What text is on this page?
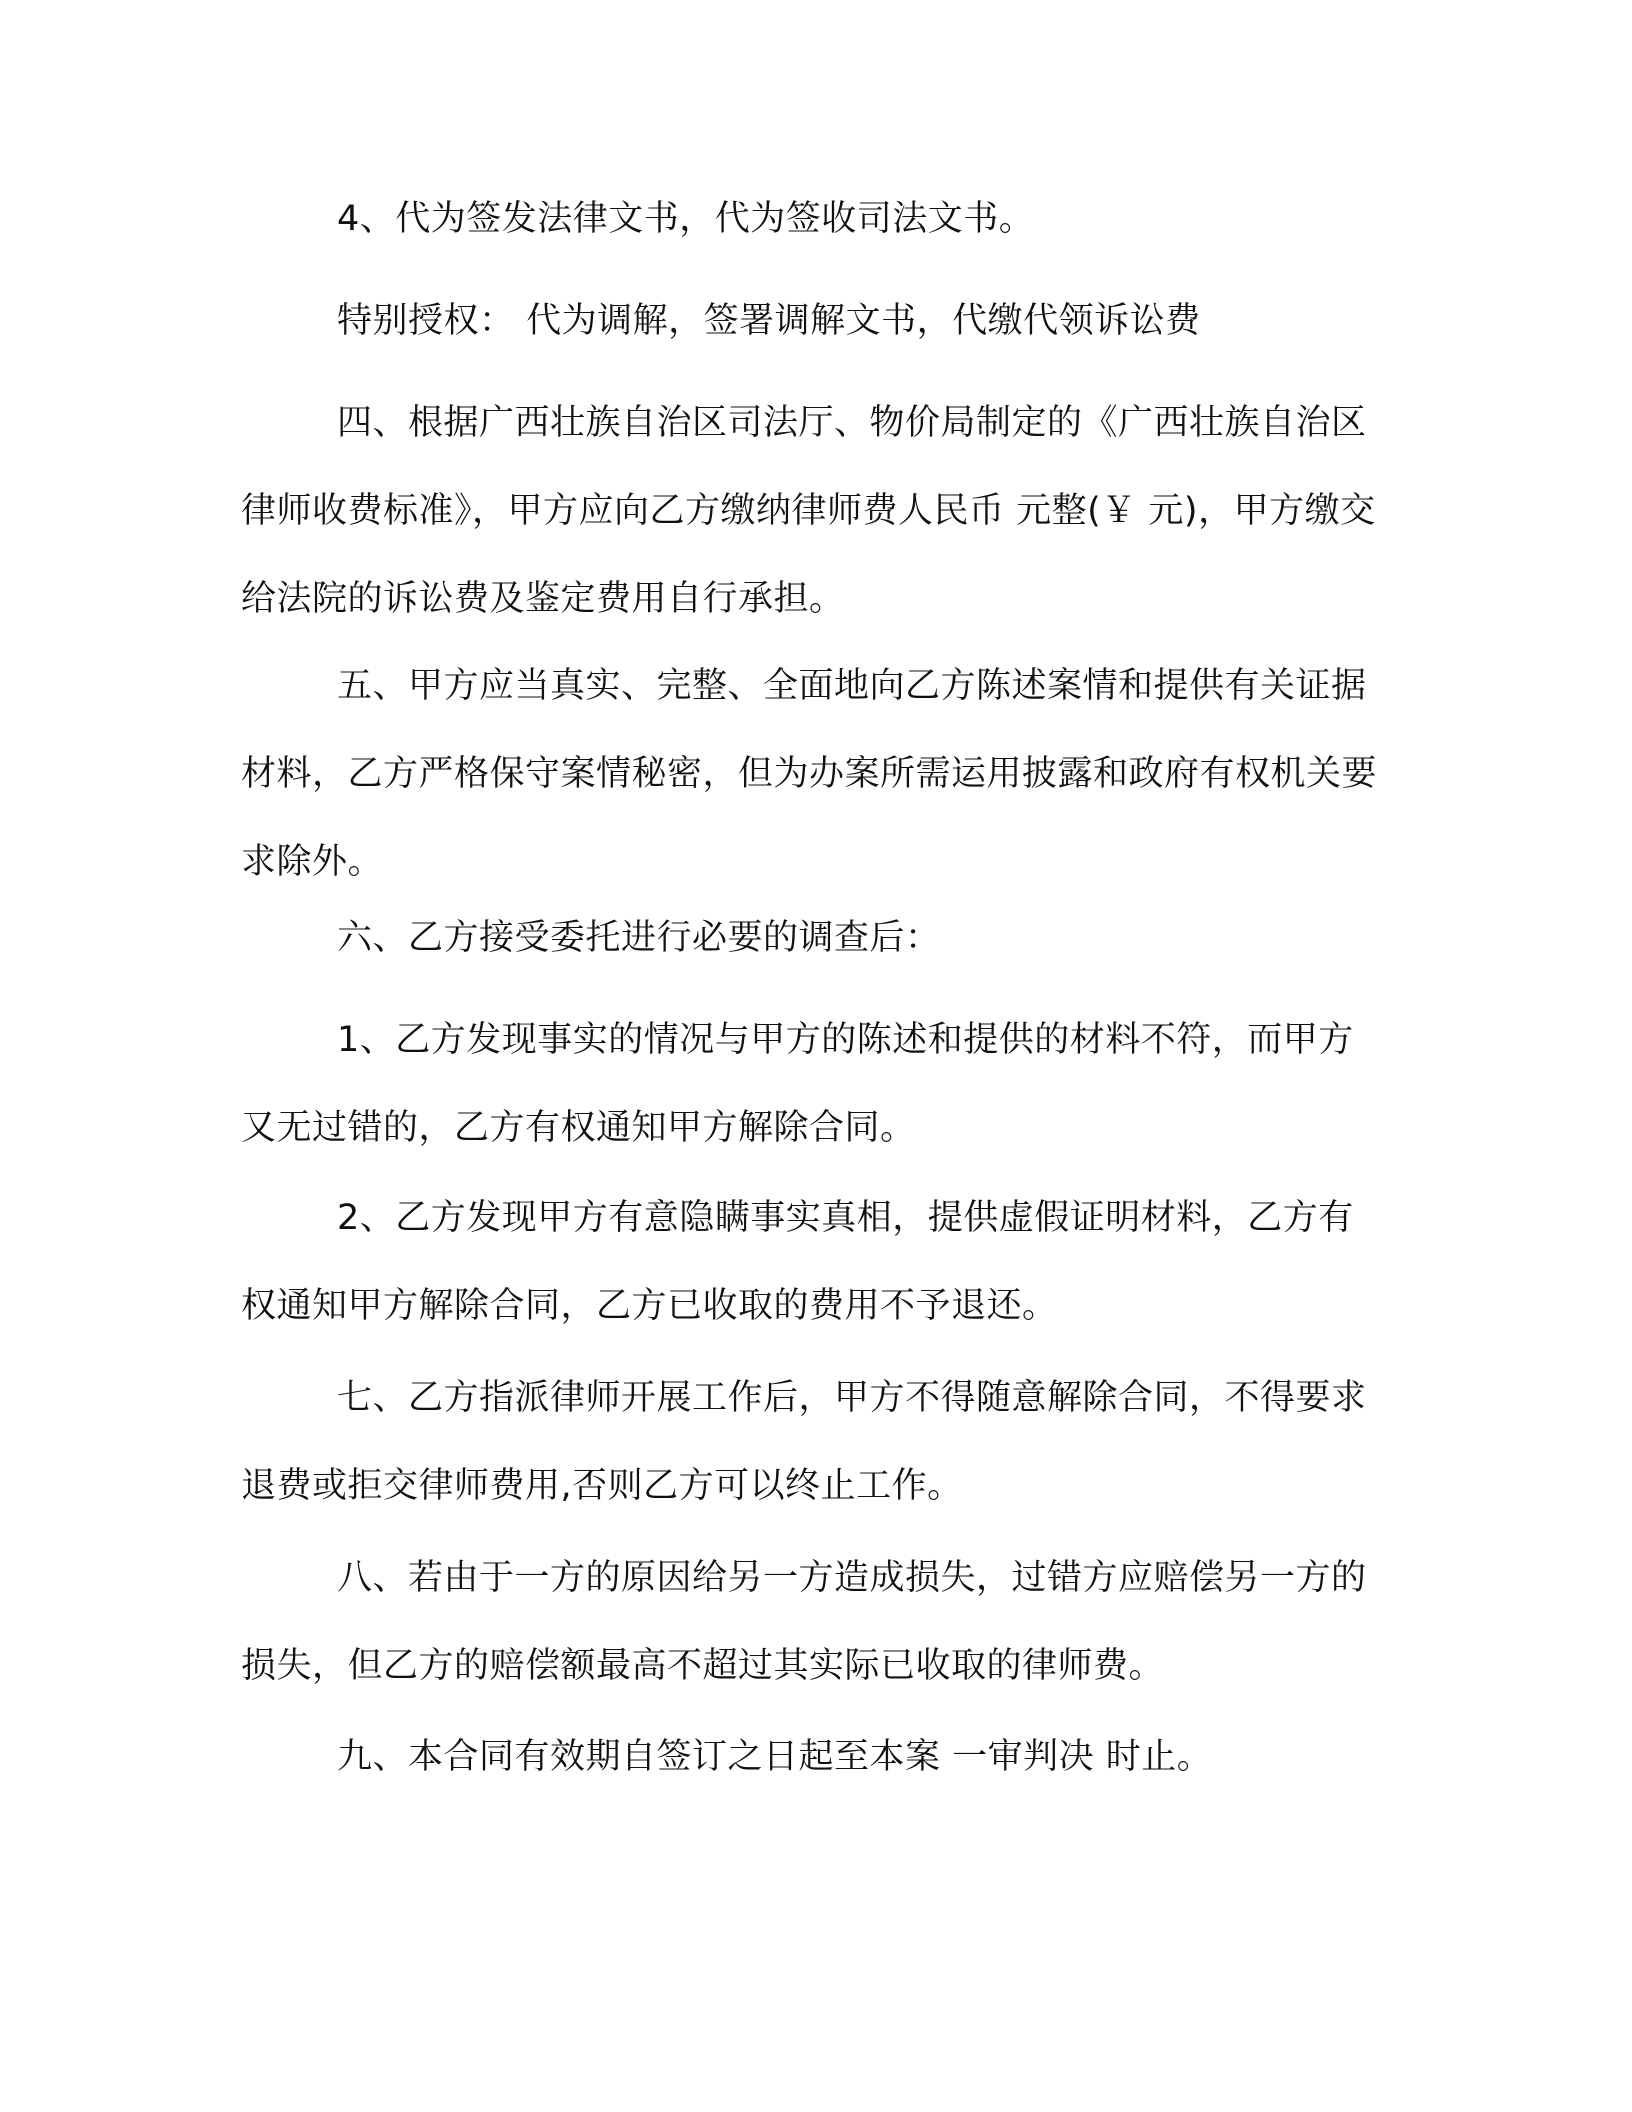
4、代为签发法律文书，代为签收司法文书。

特别授权： 代为调解，签署调解文书，代缴代领诉讼费

四、根据广西壮族自治区司法厅、物价局制定的《广西壮族自治区律师收费标准》，甲方应向乙方缴纳律师费人民币 元整(￥ 元)，甲方缴交给法院的诉讼费及鉴定费用自行承担。

五、甲方应当真实、完整、全面地向乙方陈述案情和提供有关证据材料，乙方严格保守案情秘密，但为办案所需运用披露和政府有权机关要求除外。

六、乙方接受委托进行必要的调查后：

1、乙方发现事实的情况与甲方的陈述和提供的材料不符，而甲方又无过错的，乙方有权通知甲方解除合同。

2、乙方发现甲方有意隐瞒事实真相，提供虚假证明材料，乙方有权通知甲方解除合同，乙方已收取的费用不予退还。

七、乙方指派律师开展工作后，甲方不得随意解除合同，不得要求退费或拒交律师费用,否则乙方可以终止工作。

八、若由于一方的原因给另一方造成损失，过错方应赔偿另一方的损失，但乙方的赔偿额最高不超过其实际已收取的律师费。

九、本合同有效期自签订之日起至本案 一审判决 时止。
